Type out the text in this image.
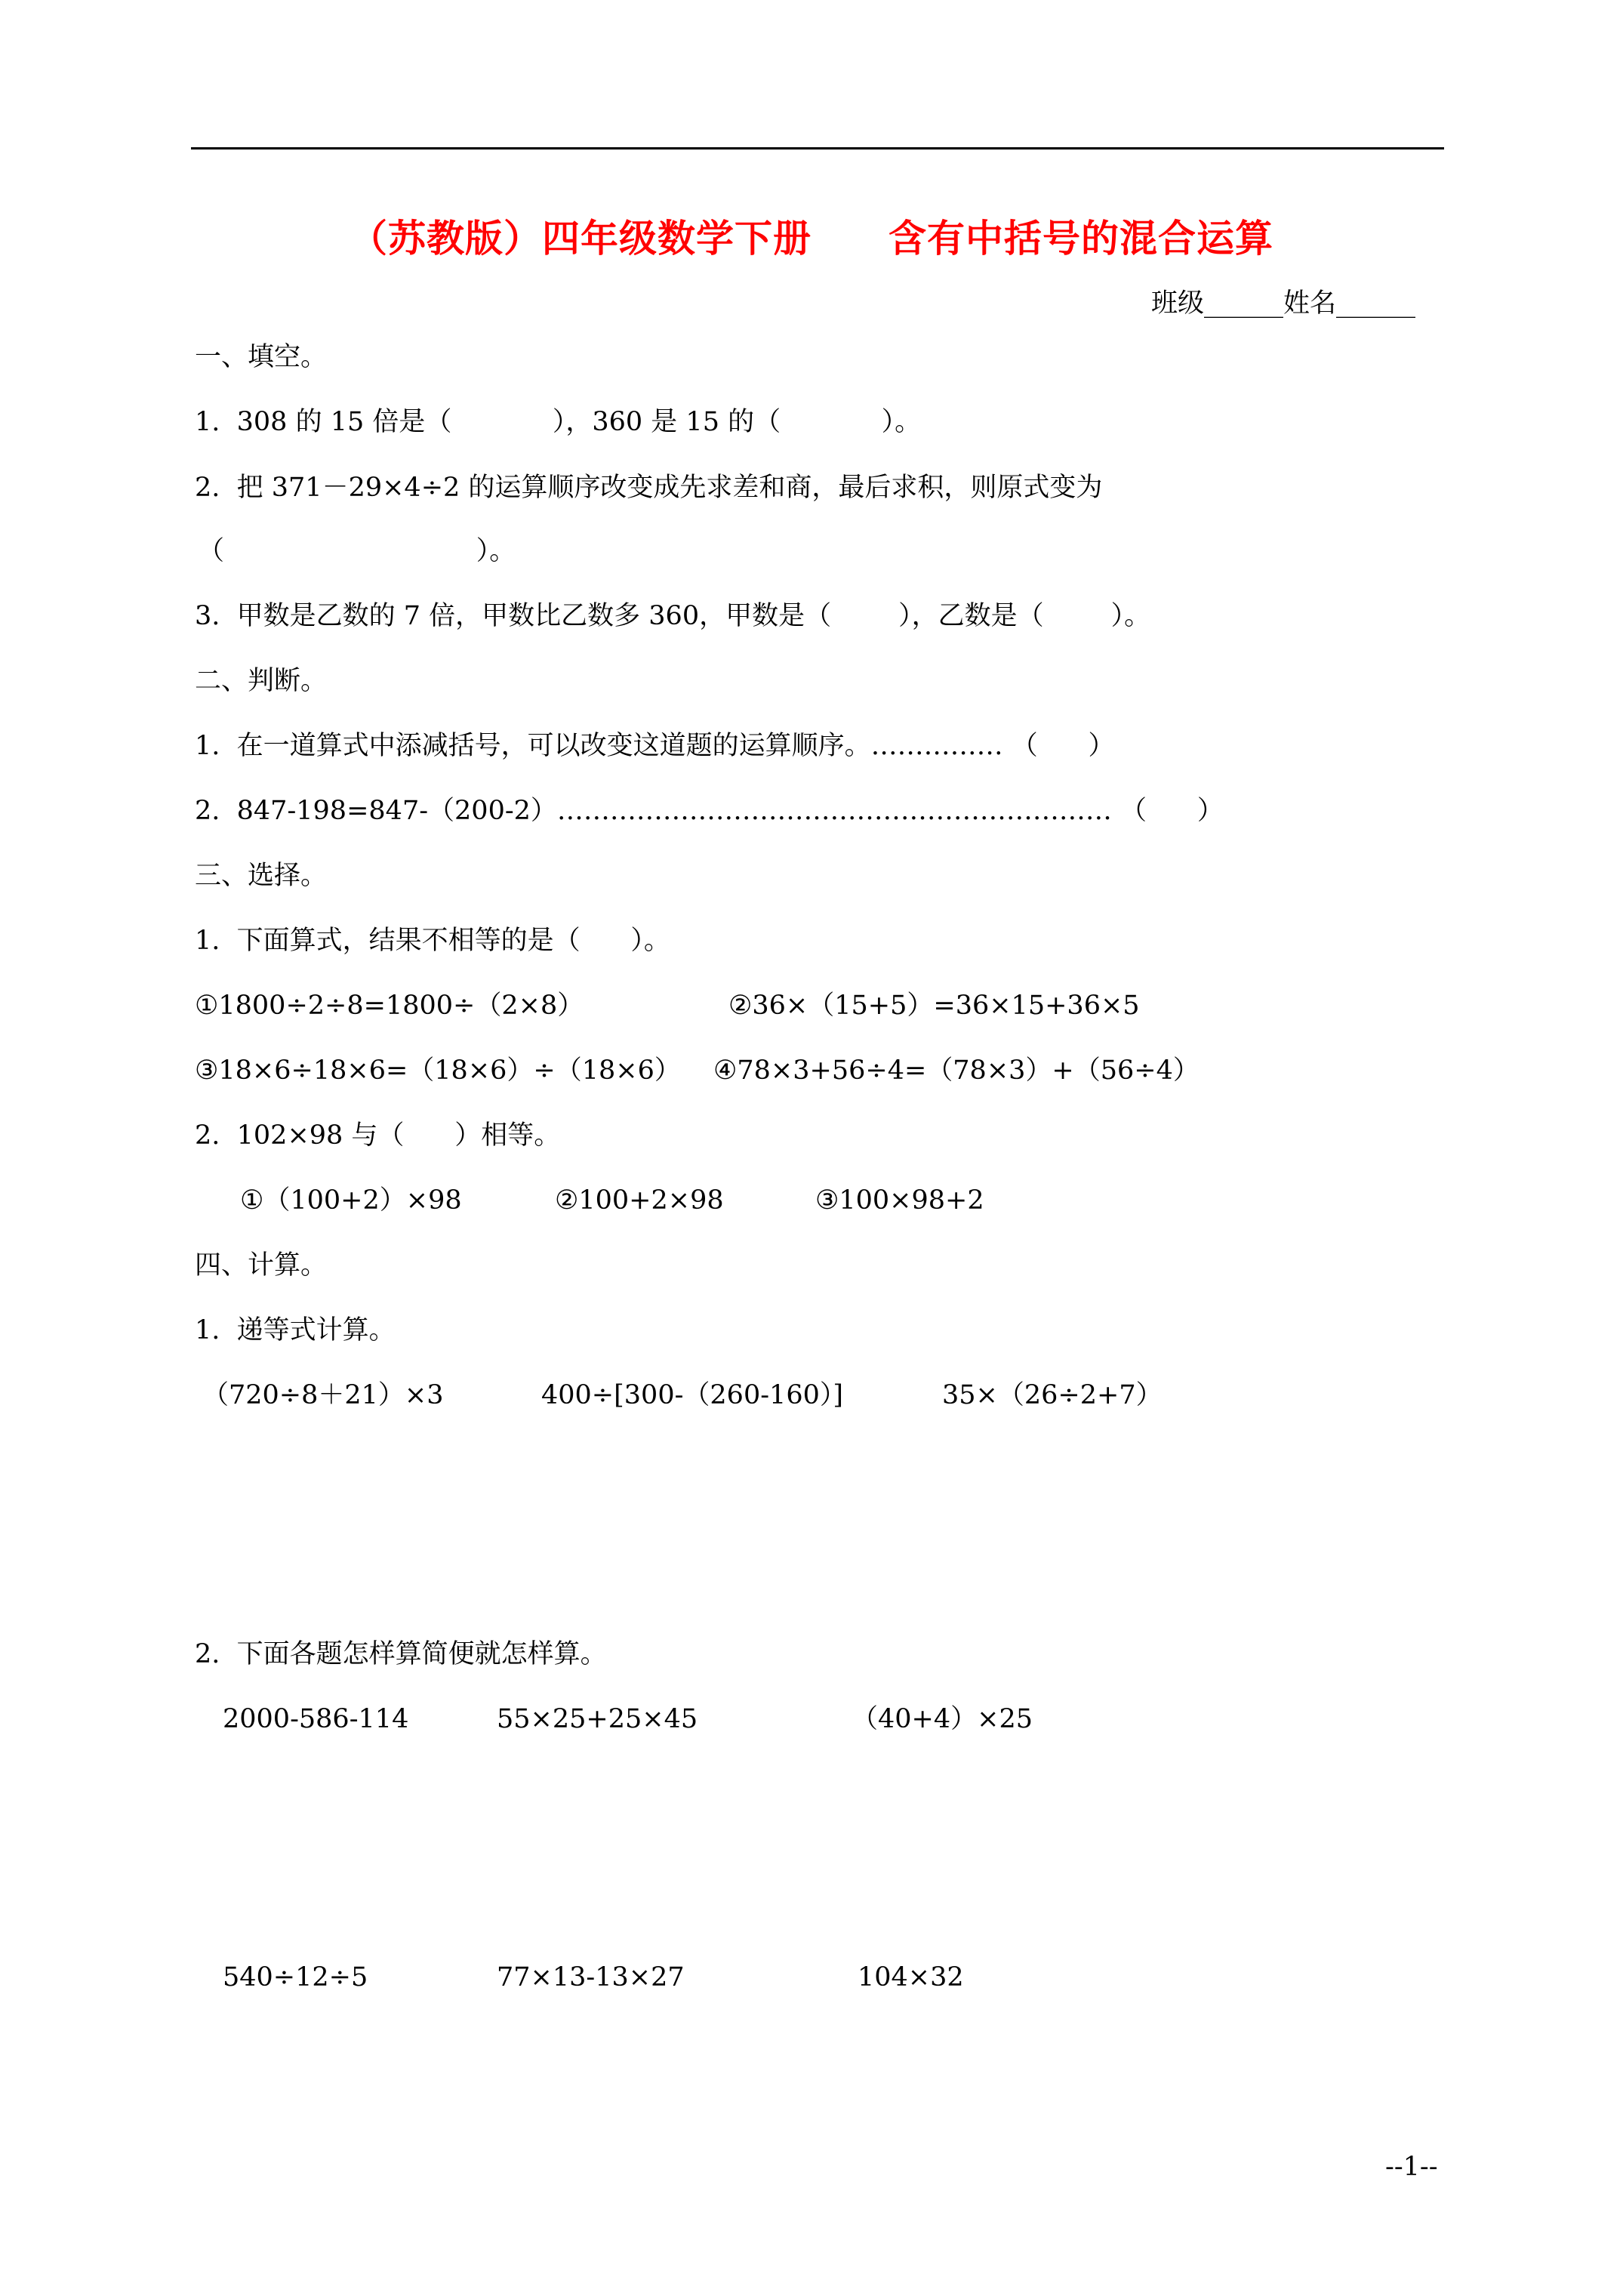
（苏教版）四年级数学下册　　含有中括号的混合运算
班级______姓名______
一、填空。
1.  308 的 15 倍是（            ），360 是 15 的（            ）。
2.  把 371－29×4÷2 的运算顺序改变成先求差和商，最后求积，则原式变为
（                              ）。
3.  甲数是乙数的 7 倍，甲数比乙数多 360，甲数是（        ），乙数是（        ）。
二、判断。
1.  在一道算式中添减括号，可以改变这道题的运算顺序。…………… （      ）
2.  847-198=847-（200-2）……………………………………………………… （      ）
三、选择。
1.  下面算式，结果不相等的是（      ）。
①1800÷2÷8=1800÷（2×8）	②36×（15+5）=36×15+36×5
③18×6÷18×6=（18×6）÷（18×6） ④78×3+56÷4=（78×3）+（56÷4）
2.  102×98 与（      ）相等。
①（100+2）×98	②100+2×98	③100×98+2
四、计算。
1.  递等式计算。
（720÷8＋21）×3	400÷[300-（260-160）]	35×（26÷2+7）
2.  下面各题怎样算简便就怎样算。
2000-586-114	55×25+25×45	（40+4）×25
540÷12÷5	77×13-13×27	104×32
--1--
